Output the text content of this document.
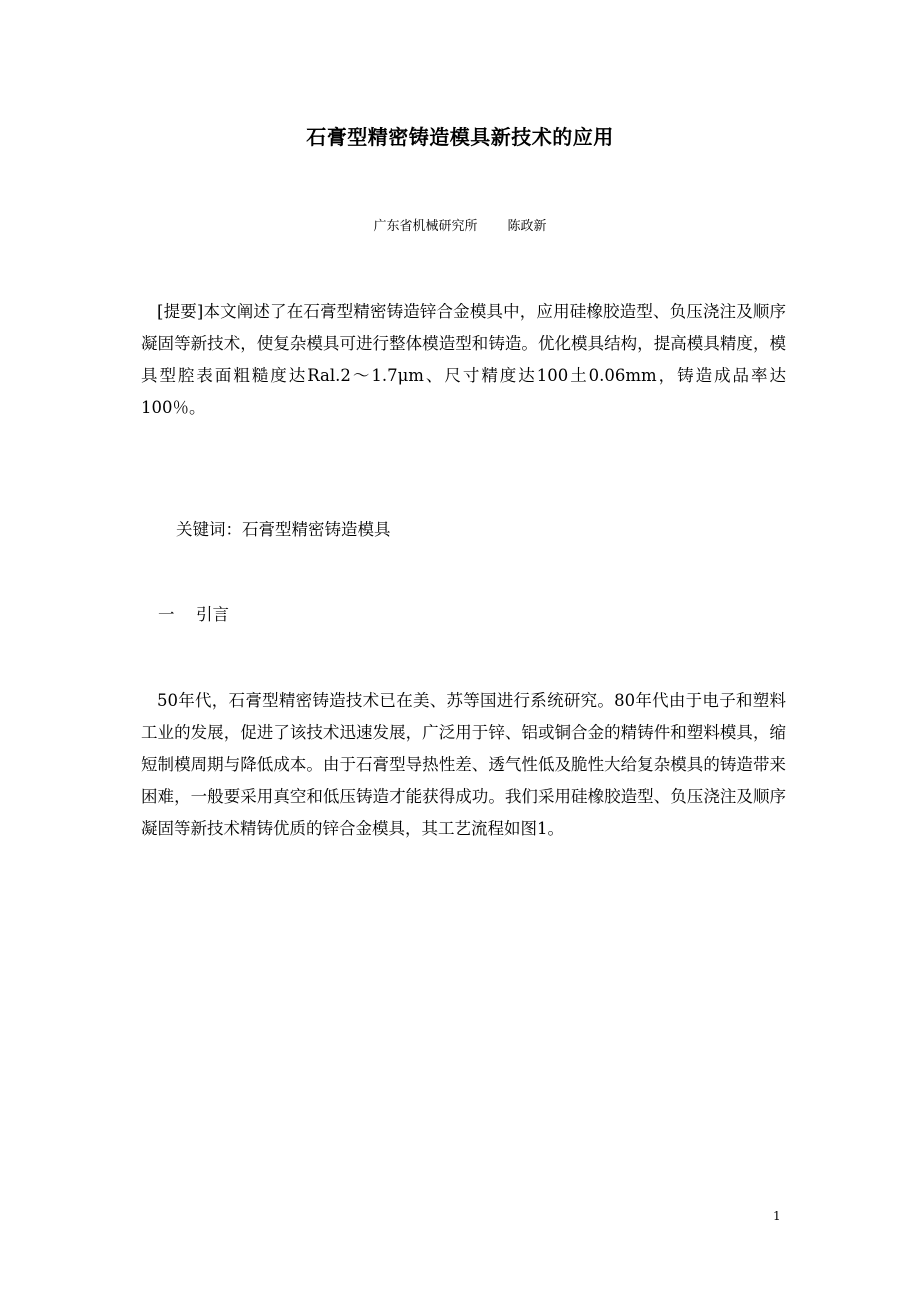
石膏型精密铸造模具新技术的应用
广东省机械研究所 陈政新

[提要]本文阐述了在石膏型精密铸造锌合金模具中，应用硅橡胶造型、负压浇注及顺序凝固等新技术，使复杂模具可进行整体模造型和铸造。优化模具结构，提高模具精度，模具型腔表面粗糙度达Ral.2～1.7μm、尺寸精度达100土0.06mm，铸造成品率达100％。

关键词：石膏型精密铸造模具
一 引言

50年代，石膏型精密铸造技术已在美、苏等国进行系统研究。80年代由于电子和塑料工业的发展，促进了该技术迅速发展，广泛用于锌、铝或铜合金的精铸件和塑料模具，缩短制模周期与降低成本。由于石膏型导热性差、透气性低及脆性大给复杂模具的铸造带来困难，一般要采用真空和低压铸造才能获得成功。我们采用硅橡胶造型、负压浇注及顺序凝固等新技术精铸优质的锌合金模具，其工艺流程如图1。

1
